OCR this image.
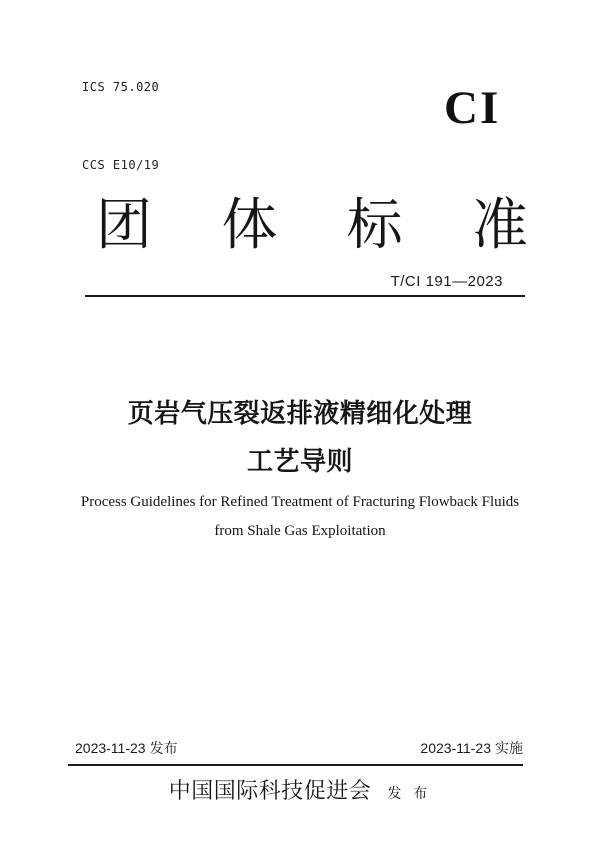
ICS 75.020

CCS E10/19

CI
团 体 标 准
T/CI 191—2023
页岩气压裂返排液精细化处理
工艺导则
Process Guidelines for Refined Treatment of Fracturing Flowback Fluids
from Shale Gas Exploitation
2023-11-23 发布	2023-11-23 实施
中国国际科技促进会 发 布
